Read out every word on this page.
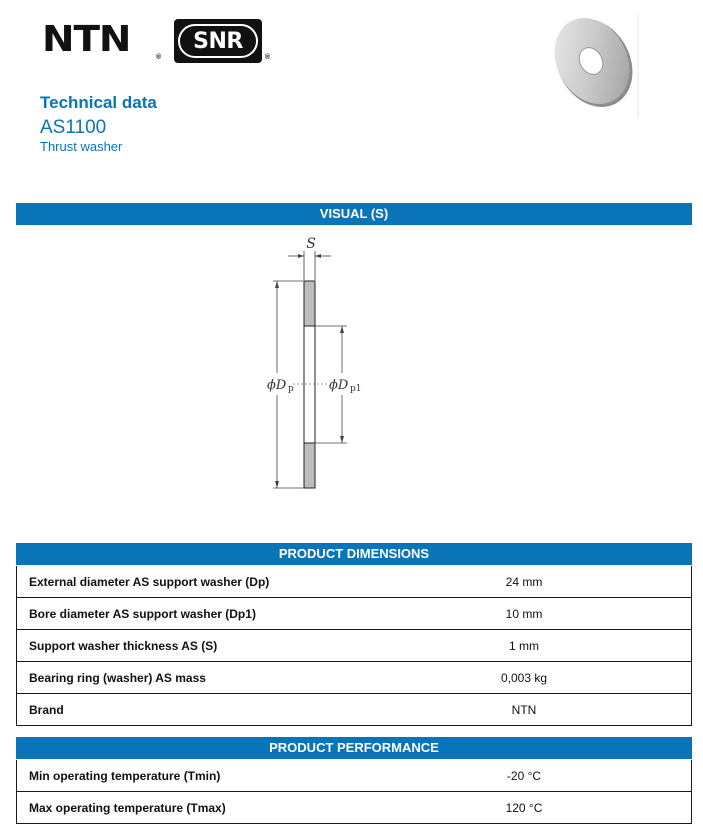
NTN	®
SNR
®

Technical data

AS1100

Thrust washer

VISUAL (S)
S
ϕD p	ϕD p1
PRODUCT DIMENSIONS
External diameter AS support washer (Dp)	24 mm
Bore diameter AS support washer (Dp1)	10 mm
Support washer thickness AS (S)	1 mm
Bearing ring (washer) AS mass	0,003 kg
Brand	NTN
PRODUCT PERFORMANCE
Min operating temperature (Tmin)	-20 °C
Max operating temperature (Tmax)	120 °C
